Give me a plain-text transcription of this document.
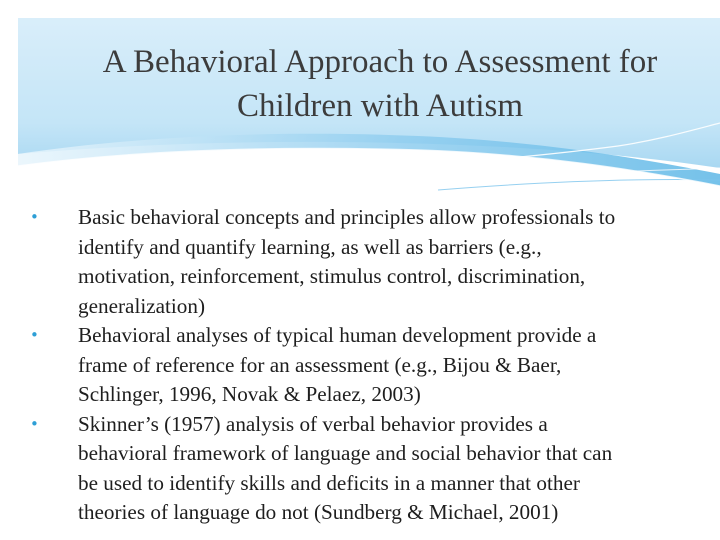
A Behavioral Approach to Assessment for
Children with Autism
•	Basic behavioral concepts and principles allow professionals to
identify and quantify learning, as well as barriers (e.g.,
motivation, reinforcement, stimulus control, discrimination,
generalization)
•	Behavioral analyses of typical human development provide a
frame of reference for an assessment (e.g., Bijou & Baer,
Schlinger, 1996, Novak & Pelaez, 2003)
•	Skinner’s (1957) analysis of verbal behavior provides a
behavioral framework of language and social behavior that can
be used to identify skills and deficits in a manner that other
theories of language do not (Sundberg & Michael, 2001)
